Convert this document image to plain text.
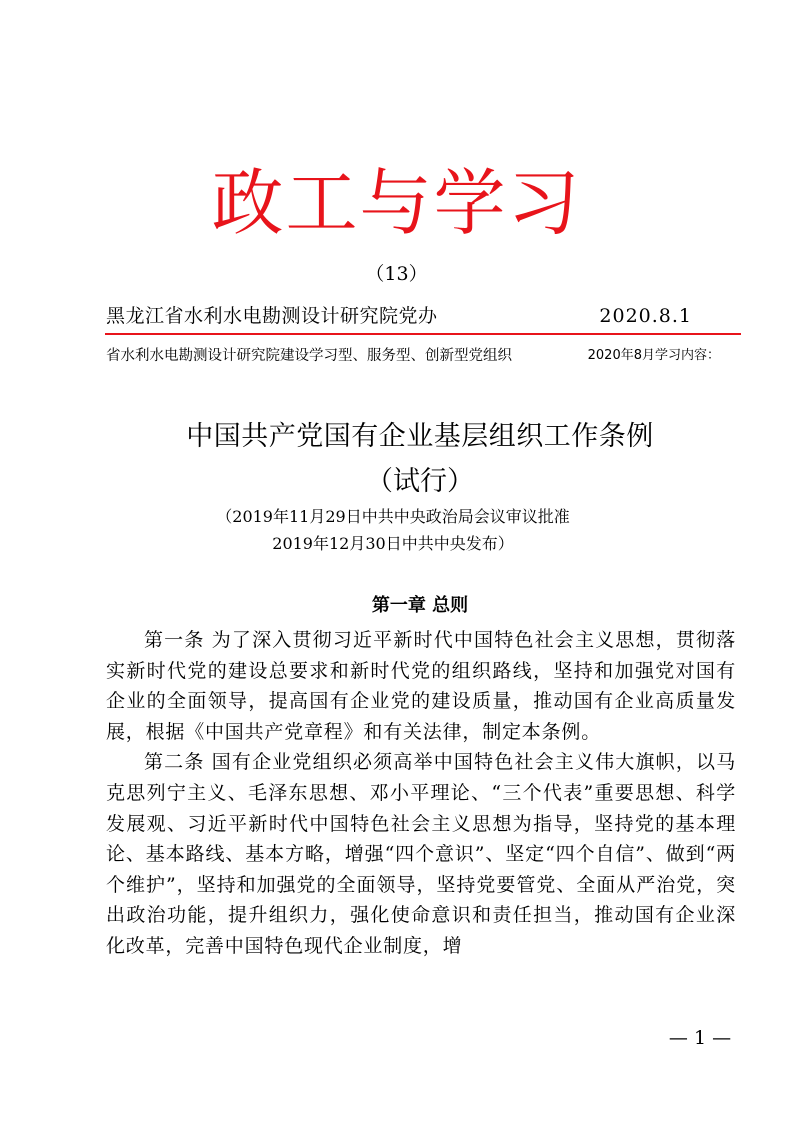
政工与学习
（13）
黑龙江省水利水电勘测设计研究院党办	2020.8.1
省水利水电勘测设计研究院建设学习型、服务型、创新型党组织	2020年8月学习内容：
中国共产党国有企业基层组织工作条例
（试行）
（2019年11月29日中共中央政治局会议审议批准
2019年12月30日中共中央发布）
第一章 总则

第一条 为了深入贯彻习近平新时代中国特色社会主义思想，贯彻落实新时代党的建设总要求和新时代党的组织路线，坚持和加强党对国有企业的全面领导，提高国有企业党的建设质量，推动国有企业高质量发展，根据《中国共产党章程》和有关法律，制定本条例。

第二条 国有企业党组织必须高举中国特色社会主义伟大旗帜，以马克思列宁主义、毛泽东思想、邓小平理论、“三个代表”重要思想、科学发展观、习近平新时代中国特色社会主义思想为指导，坚持党的基本理论、基本路线、基本方略，增强“四个意识”、坚定“四个自信”、做到“两个维护”，坚持和加强党的全面领导，坚持党要管党、全面从严治党，突出政治功能，提升组织力，强化使命意识和责任担当，推动国有企业深化改革，完善中国特色现代企业制度，增

— 1 —
